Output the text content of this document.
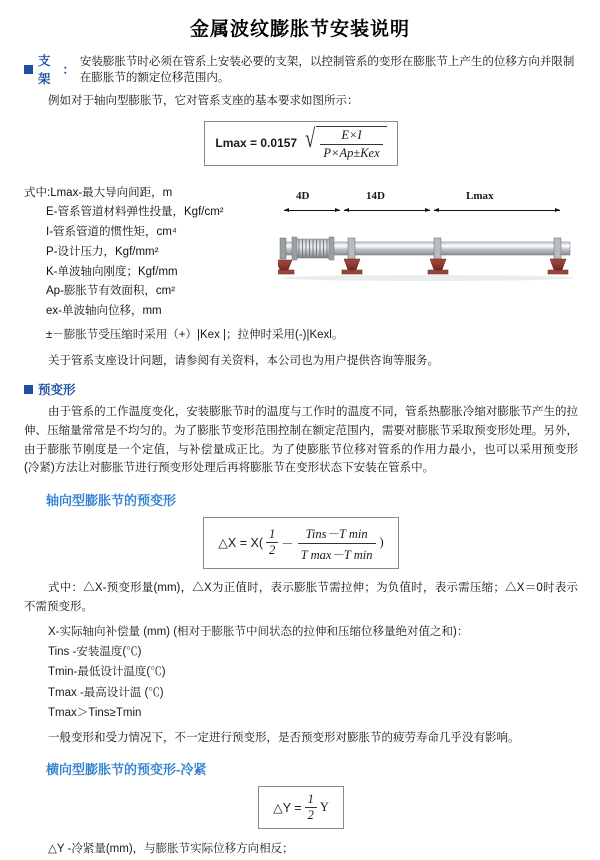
金属波纹膨胀节安装说明
支架
：
安装膨胀节时必须在管系上安装必要的支架，以控制管系的变形在膨胀节上产生的位移方向并限制在膨胀节的额定位移范围内。

例如对于轴向型膨胀节，它对管系支座的基本要求如图所示：

Lmax = 0.0157 √ $\frac{E\times I}{\text{P×Ap±Kex}}$
式中:Lmax-最大导向间距，m
E-管系管道材料弹性投量，Kgf/cm²
I-管系管道的惯性矩，cm⁴
P-设计压力，Kgf/mm²
K-单波轴向刚度；Kgf/mm
Ap-膨胀节有效面积，cm²
ex-单波轴向位移，mm
4D	14D	Lmax
±－膨胀节受压缩时采用（+）|Kex |；拉伸时采用(-)|Kexl。

关于管系支座设计问题，请参阅有关资料，本公司也为用户提供咨询等服务。

预变形

由于管系的工作温度变化，安装膨胀节时的温度与工作时的温度不同，管系热膨胀冷缩对膨胀节产生的拉伸、压缩量常常是不均匀的。为了膨胀节变形范围控制在额定范围内，需要对膨胀节采取预变形处理。另外，由于膨胀节刚度是一个定值，与补偿量成正比。为了使膨胀节位移对管系的作用力最小，也可以采用预变形(冷紧)方法让对膨胀节进行预变形处理后再将膨胀节在变形状态下安装在管系中。

轴向型膨胀节的预变形
△X = $X( \frac{1}{2} - \frac{\text{Tins－T min}}{\text{T max－T min}}$ )

式中：△X-预变形量(mm)，△X为正值时，表示膨胀节需拉伸；为负值时，表示需压缩；△X＝0时表示不需预变形。

X-实际轴向补偿量 (mm) (相对于膨胀节中间状态的拉伸和压缩位移量绝对值之和)：
Tins -安装温度(℃)
Tmin-最低设计温度(℃)
Tmax -最高设计温 (℃)
Tmax＞Tins≥Tmin

一般变形和受力情况下，不一定进行预变形，是否预变形对膨胀节的疲劳寿命几乎没有影响。

横向型膨胀节的预变形-冷紧
△Y = $\frac{1}{2}$ Y
△Y -冷紧量(mm)，与膨胀节实际位移方向相反；
